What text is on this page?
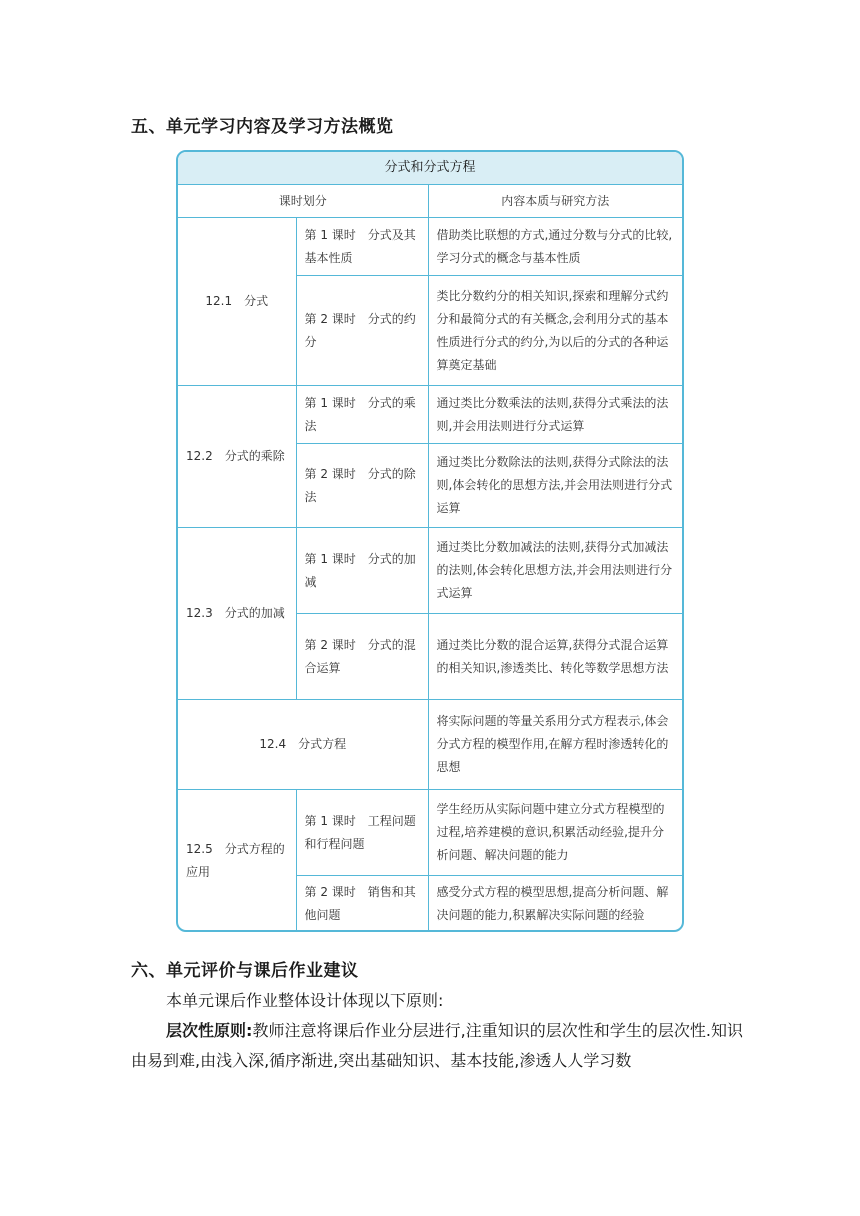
五、单元学习内容及学习方法概览
分式和分式方程
课时划分		内容本质与研究方法
12.1　分式	第 1 课时　分式及其基本性质	借助类比联想的方式,通过分数与分式的比较,学习分式的概念与基本性质
	第 2 课时　分式的约分	类比分数约分的相关知识,探索和理解分式约分和最简分式的有关概念,会利用分式的基本性质进行分式的约分,为以后的分式的各种运算奠定基础
12.2　分式的乘除	第 1 课时　分式的乘法	通过类比分数乘法的法则,获得分式乘法的法则,并会用法则进行分式运算
	第 2 课时　分式的除法	通过类比分数除法的法则,获得分式除法的法则,体会转化的思想方法,并会用法则进行分式运算
12.3　分式的加减	第 1 课时　分式的加减	通过类比分数加减法的法则,获得分式加减法的法则,体会转化思想方法,并会用法则进行分式运算
	第 2 课时　分式的混合运算	通过类比分数的混合运算,获得分式混合运算的相关知识,渗透类比、转化等数学思想方法
12.4　分式方程		将实际问题的等量关系用分式方程表示,体会分式方程的模型作用,在解方程时渗透转化的思想
12.5　分式方程的应用	第 1 课时　工程问题和行程问题	学生经历从实际问题中建立分式方程模型的过程,培养建模的意识,积累活动经验,提升分析问题、解决问题的能力
	第 2 课时　销售和其他问题	感受分式方程的模型思想,提高分析问题、解决问题的能力,积累解决实际问题的经验
六、单元评价与课后作业建议
本单元课后作业整体设计体现以下原则:
层次性原则:教师注意将课后作业分层进行,注重知识的层次性和学生的层次性.知识由易到难,由浅入深,循序渐进,突出基础知识、基本技能,渗透人人学习数
